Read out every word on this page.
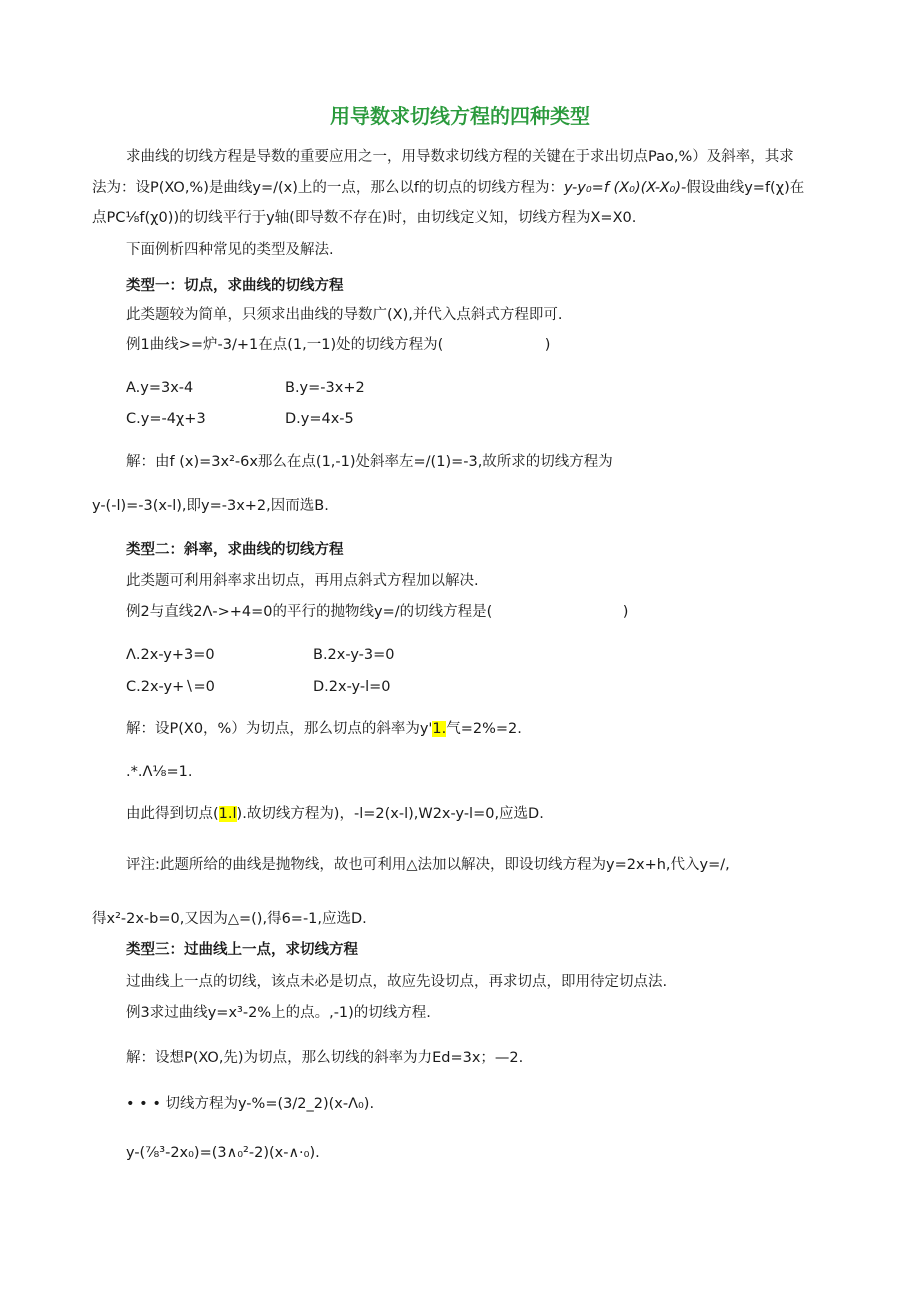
用导数求切线方程的四种类型
求曲线的切线方程是导数的重要应用之一，用导数求切线方程的关键在于求出切点Pao,%）及斜率，其求
法为：设P(XO,%)是曲线y=/(x)上的一点，那么以f的切点的切线方程为：y-y₀=f (X₀)(X-X₀)-假设曲线y=f(χ)在
点PC⅛f(χ0))的切线平行于y轴(即导数不存在)时，由切线定义知，切线方程为X=X0.
下面例析四种常见的类型及解法.
类型一：切点，求曲线的切线方程
此类题较为简单，只须求出曲线的导数广(X),并代入点斜式方程即可.
例1曲线>=炉-3/+1在点(1,一1)处的切线方程为(　　　　　　　)
A.y=3x-4	B.y=-3x+2
C.y=-4χ+3	D.y=4x-5
解：由f (x)=3x²-6x那么在点(1,-1)处斜率左=/(1)=-3,故所求的切线方程为
y-(-l)=-3(x-l),即y=-3x+2,因而选B.
类型二：斜率，求曲线的切线方程
此类题可利用斜率求出切点，再用点斜式方程加以解决.
例2与直线2Λ->+4=0的平行的抛物线y=/的切线方程是(　　　　　　　　　)
Λ.2x-y+3=0	B.2x-y-3=0
C.2x-y+∖=0	D.2x-y-l=0
解：设P(X0，%）为切点，那么切点的斜率为y'1.气=2%=2.
.*.Λ⅛=1.
由此得到切点(1.l).故切线方程为)，-l=2(x-l),W2x-y-l=0,应选D.
评注:此题所给的曲线是抛物线，故也可利用△法加以解决，即设切线方程为y=2x+h,代入y=/,
得x²-2x-b=0,又因为△=(),得6=-1,应选D.
类型三：过曲线上一点，求切线方程
过曲线上一点的切线，该点未必是切点，故应先设切点，再求切点，即用待定切点法.
例3求过曲线y=x³-2%上的点。,-1)的切线方程.
解：设想P(XO,先)为切点，那么切线的斜率为力Ed=3x；—2.
• • • 切线方程为y-%=(3/2_2)(x-Λ₀).
y-(⅞³-2x₀)=(3∧₀²-2)(x-∧·₀).
